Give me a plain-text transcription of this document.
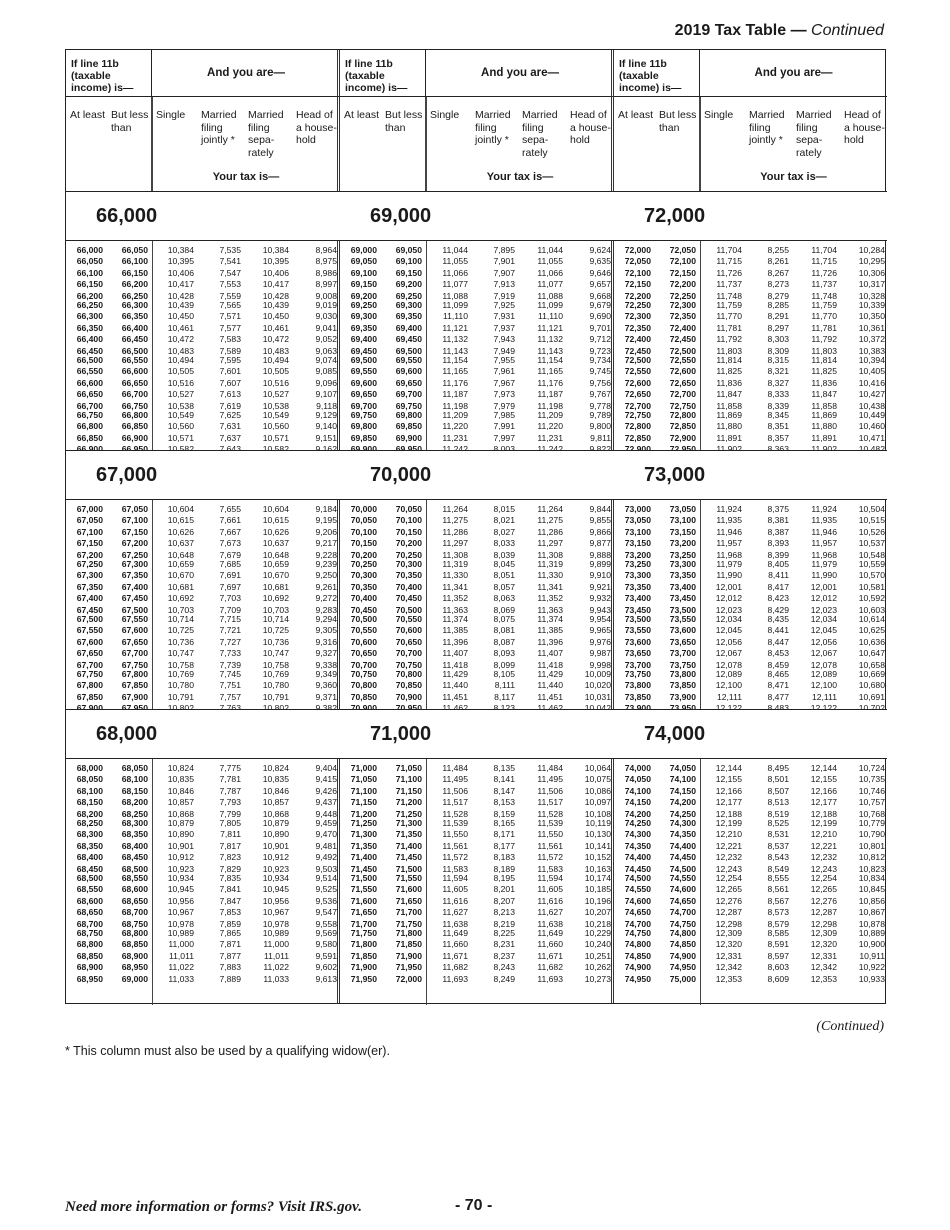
2019 Tax Table — Continued
If line 11b (taxable income) is—
And you are—
At least But less than
Single	Married filing jointly *
Married filing sepa- rately
Head of a house- hold
Your tax is—
66,000
66,000 66,050 10,384	7,535	10,384	8,964
66,050 66,100 10,395	7,541	10,395	8,975
66,100 66,150 10,406	7,547	10,406	8,986
66,150 66,200 10,417	7,553	10,417	8,997
66,200 66,250 10,428	7,559	10,428	9,008
66,250 66,300 10,439	7,565	10,439	9,019
66,300 66,350 10,450	7,571	10,450	9,030
66,350 66,400 10,461	7,577	10,461	9,041
66,400 66,450 10,472	7,583	10,472	9,052
66,450 66,500 10,483	7,589	10,483	9,063
66,500 66,550 10,494	7,595	10,494	9,074
66,550 66,600 10,505	7,601	10,505	9,085
66,600 66,650 10,516	7,607	10,516	9,096
66,650 66,700 10,527	7,613	10,527	9,107
66,700 66,750 10,538	7,619	10,538	9,118
66,750 66,800 10,549	7,625	10,549	9,129
66,800 66,850 10,560	7,631	10,560	9,140
66,850 66,900 10,571	7,637	10,571	9,151
67,000
67,000 67,050 10,604	7,655	10,604	9,184
67,050 67,100 10,615	7,661	10,615	9,195
67,100 67,150 10,626	7,667	10,626	9,206
67,150 67,200 10,637	7,673	10,637	9,217
67,200 67,250 10,648	7,679	10,648	9,228
67,250 67,300 10,659	7,685	10,659	9,239
67,300 67,350 10,670	7,691	10,670	9,250
67,350 67,400 10,681	7,697	10,681	9,261
67,400 67,450 10,692	7,703	10,692	9,272
67,450 67,500 10,703	7,709	10,703	9,283
67,500 67,550 10,714	7,715	10,714	9,294
67,550 67,600 10,725	7,721	10,725	9,305
67,600 67,650 10,736	7,727	10,736	9,316
67,650 67,700 10,747	7,733	10,747	9,327
67,700 67,750 10,758	7,739	10,758	9,338
67,750 67,800 10,769	7,745	10,769	9,349
67,800 67,850 10,780	7,751	10,780	9,360
67,850 67,900 10,791	7,757	10,791	9,371
68,000
68,000 68,050 10,824	7,775	10,824	9,404
68,050 68,100 10,835	7,781	10,835	9,415
68,100 68,150 10,846	7,787	10,846	9,426
68,150 68,200 10,857	7,793	10,857	9,437
68,200 68,250 10,868	7,799	10,868	9,448
68,250 68,300 10,879	7,805	10,879	9,459
68,300 68,350 10,890	7,811	10,890	9,470
68,350 68,400 10,901	7,817	10,901	9,481
68,400 68,450 10,912	7,823	10,912	9,492
68,450 68,500 10,923	7,829	10,923	9,503
68,500 68,550 10,934	7,835	10,934	9,514
68,550 68,600 10,945	7,841	10,945	9,525
68,600 68,650 10,956	7,847	10,956	9,536
68,650 68,700 10,967	7,853	10,967	9,547
68,700 68,750 10,978	7,859	10,978	9,558
68,750 68,800 10,989	7,865	10,989	9,569
68,800 68,850 11,000	7,871	11,000	9,580
68,850 68,900 11,011	7,877	11,011	9,591
68,900 68,950 11,022	7,883	11,022	9,602
68,950 69,000 11,033	7,889	11,033	9,613
If line 11b (taxable income) is—
And you are—
At least But less than
Single	Married filing jointly *
Married filing sepa- rately
Head of a house- hold
Your tax is—
69,000
69,000 69,050 11,044	7,895	11,044	9,624
69,050 69,100 11,055	7,901	11,055	9,635
69,100 69,150 11,066	7,907	11,066	9,646
69,150 69,200 11,077	7,913	11,077	9,657
69,200 69,250 11,088	7,919	11,088	9,668
69,250 69,300 11,099	7,925	11,099	9,679
69,300 69,350 11,110	7,931	11,110	9,690
69,350 69,400 11,121	7,937	11,121	9,701
69,400 69,450 11,132	7,943	11,132	9,712
69,450 69,500 11,143	7,949	11,143	9,723
69,500 69,550 11,154	7,955	11,154	9,734
69,550 69,600 11,165	7,961	11,165	9,745
69,600 69,650 11,176	7,967	11,176	9,756
69,650 69,700 11,187	7,973	11,187	9,767
69,700 69,750 11,198	7,979	11,198	9,778
69,750 69,800 11,209	7,985	11,209	9,789
69,800 69,850 11,220	7,991	11,220	9,800
69,850 69,900 11,231	7,997	11,231	9,811
70,000
70,000 70,050 11,264	8,015	11,264	9,844
70,050 70,100 11,275	8,021	11,275	9,855
70,100 70,150 11,286	8,027	11,286	9,866
70,150 70,200 11,297	8,033	11,297	9,877
70,200 70,250 11,308	8,039	11,308	9,888
70,250 70,300 11,319	8,045	11,319	9,899
70,300 70,350 11,330	8,051	11,330	9,910
70,350 70,400 11,341	8,057	11,341	9,921
70,400 70,450 11,352	8,063	11,352	9,932
70,450 70,500 11,363	8,069	11,363	9,943
70,500 70,550 11,374	8,075	11,374	9,954
70,550 70,600 11,385	8,081	11,385	9,965
70,600 70,650 11,396	8,087	11,396	9,976
70,650 70,700 11,407	8,093	11,407	9,987
70,700 70,750 11,418	8,099	11,418	9,998
70,750 70,800 11,429	8,105	11,429	10,009
70,800 70,850 11,440	8,111	11,440	10,020
70,850 70,900 11,451	8,117	11,451	10,031
71,000
71,000 71,050 11,484	8,135	11,484	10,064
71,050 71,100 11,495	8,141	11,495	10,075
71,100 71,150 11,506	8,147	11,506	10,086
71,150 71,200 11,517	8,153	11,517	10,097
71,200 71,250 11,528	8,159	11,528	10,108
71,250 71,300 11,539	8,165	11,539	10,119
71,300 71,350 11,550	8,171	11,550	10,130
71,350 71,400 11,561	8,177	11,561	10,141
71,400 71,450 11,572	8,183	11,572	10,152
71,450 71,500 11,583	8,189	11,583	10,163
71,500 71,550 11,594	8,195	11,594	10,174
71,550 71,600 11,605	8,201	11,605	10,185
71,600 71,650 11,616	8,207	11,616	10,196
71,650 71,700 11,627	8,213	11,627	10,207
71,700 71,750 11,638	8,219	11,638	10,218
71,750 71,800 11,649	8,225	11,649	10,229
71,800 71,850 11,660	8,231	11,660	10,240
71,850 71,900 11,671	8,237	11,671	10,251
71,900 71,950 11,682	8,243	11,682	10,262
71,950 72,000 11,693	8,249	11,693	10,273
If line 11b (taxable income) is—
And you are—
At least But less than
Single	Married filing jointly *
Married filing sepa- rately
Head of a house- hold
Your tax is—
72,000
72,000 72,050 11,704	8,255	11,704	10,284
72,050 72,100 11,715	8,261	11,715	10,295
72,100 72,150 11,726	8,267	11,726	10,306
72,150 72,200 11,737	8,273	11,737	10,317
72,200 72,250 11,748	8,279	11,748	10,328
72,250 72,300 11,759	8,285	11,759	10,339
72,300 72,350 11,770	8,291	11,770	10,350
72,350 72,400 11,781	8,297	11,781	10,361
72,400 72,450 11,792	8,303	11,792	10,372
72,450 72,500 11,803	8,309	11,803	10,383
72,500 72,550 11,814	8,315	11,814	10,394
72,550 72,600 11,825	8,321	11,825	10,405
72,600 72,650 11,836	8,327	11,836	10,416
72,650 72,700 11,847	8,333	11,847	10,427
72,700 72,750 11,858	8,339	11,858	10,438
72,750 72,800 11,869	8,345	11,869	10,449
72,800 72,850 11,880	8,351	11,880	10,460
72,850 72,900 11,891	8,357	11,891	10,471
73,000
73,000 73,050 11,924	8,375	11,924	10,504
73,050 73,100 11,935	8,381	11,935	10,515
73,100 73,150 11,946	8,387	11,946	10,526
73,150 73,200 11,957	8,393	11,957	10,537
73,200 73,250 11,968	8,399	11,968	10,548
73,250 73,300 11,979	8,405	11,979	10,559
73,300 73,350 11,990	8,411	11,990	10,570
73,350 73,400 12,001	8,417	12,001	10,581
73,400 73,450 12,012	8,423	12,012	10,592
73,450 73,500 12,023	8,429	12,023	10,603
73,500 73,550 12,034	8,435	12,034	10,614
73,550 73,600 12,045	8,441	12,045	10,625
73,600 73,650 12,056	8,447	12,056	10,636
73,650 73,700 12,067	8,453	12,067	10,647
73,700 73,750 12,078	8,459	12,078	10,658
73,750 73,800 12,089	8,465	12,089	10,669
73,800 73,850 12,100	8,471	12,100	10,680
73,850 73,900 12,111	8,477	12,111	10,691
74,000
74,000 74,050 12,144	8,495	12,144	10,724
74,050 74,100 12,155	8,501	12,155	10,735
74,100 74,150 12,166	8,507	12,166	10,746
74,150 74,200 12,177	8,513	12,177	10,757
74,200 74,250 12,188	8,519	12,188	10,768
74,250 74,300 12,199	8,525	12,199	10,779
74,300 74,350 12,210	8,531	12,210	10,790
74,350 74,400 12,221	8,537	12,221	10,801
74,400 74,450 12,232	8,543	12,232	10,812
74,450 74,500 12,243	8,549	12,243	10,823
74,500 74,550 12,254	8,555	12,254	10,834
74,550 74,600 12,265	8,561	12,265	10,845
74,600 74,650 12,276	8,567	12,276	10,856
74,650 74,700 12,287	8,573	12,287	10,867
74,700 74,750 12,298	8,579	12,298	10,878
74,750 74,800 12,309	8,585	12,309	10,889
74,800 74,850 12,320	8,591	12,320	10,900
74,850 74,900 12,331	8,597	12,331	10,911
74,900 74,950 12,342	8,603	12,342	10,922
74,950 75,000 12,353	8,609	12,353	10,933
(Continued)
* This column must also be used by a qualifying widow(er).
Need more information or forms? Visit IRS.gov.	- 70 -
